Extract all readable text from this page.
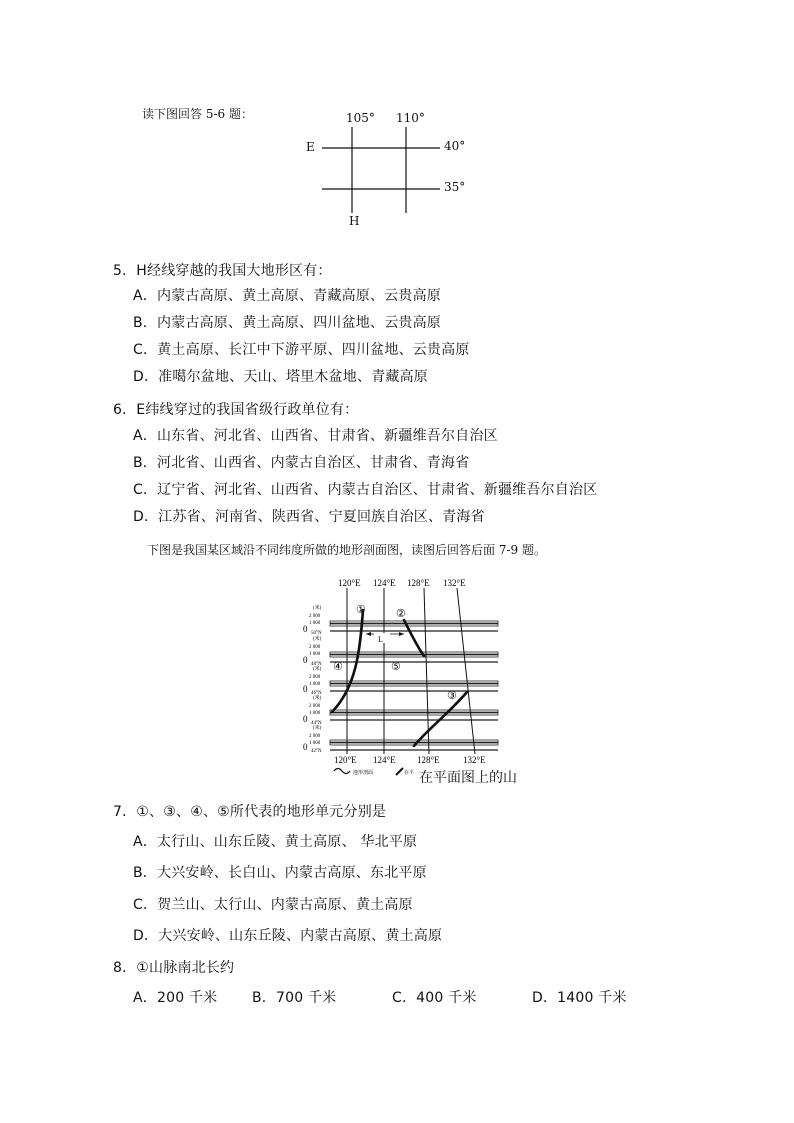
读下图回答 5-6 题：	105° 110°
40°
35°
E
H
5．H经线穿越的我国大地形区有：
A．内蒙古高原、黄土高原、青藏高原、云贵高原
B．内蒙古高原、黄土高原、四川盆地、云贵高原
C．黄土高原、长江中下游平原、四川盆地、云贵高原
D．准噶尔盆地、天山、塔里木盆地、青藏高原
6．E纬线穿过的我国省级行政单位有：
A．山东省、河北省、山西省、甘肃省、新疆维吾尔自治区
B．河北省、山西省、内蒙古自治区、甘肃省、青海省
C．辽宁省、河北省、山西省、内蒙古自治区、甘肃省、新疆维吾尔自治区
D．江苏省、河南省、陕西省、宁夏回族自治区、青海省
下图是我国某区域沿不同纬度所做的地形剖面图，读图后回答后面 7-9 题。
120°E 124°E 128°E 132°E
(米)
2 000
1 000
50°N
0
(米)
2 000
1 000
48°N
0
(米)
2 000
1 000
46°N
0
(米)
2 000
1 000
44°N
0
(米)
2 000
1 000
42°N
0
L
①	②
③
④	⑤
120°E 124°E 128°E	132°E
地形剖面	在平 在平面图上的山
7．①、③、④、⑤所代表的地形单元分别是
A．太行山、山东丘陵、黄土高原、 华北平原
B．大兴安岭、长白山、内蒙古高原、东北平原
C．贺兰山、太行山、内蒙古高原、黄土高原
D．大兴安岭、山东丘陵、内蒙古高原、黄土高原
8．①山脉南北长约
A．200 千米 B．700 千米	C．400 千米	D．1400 千米
